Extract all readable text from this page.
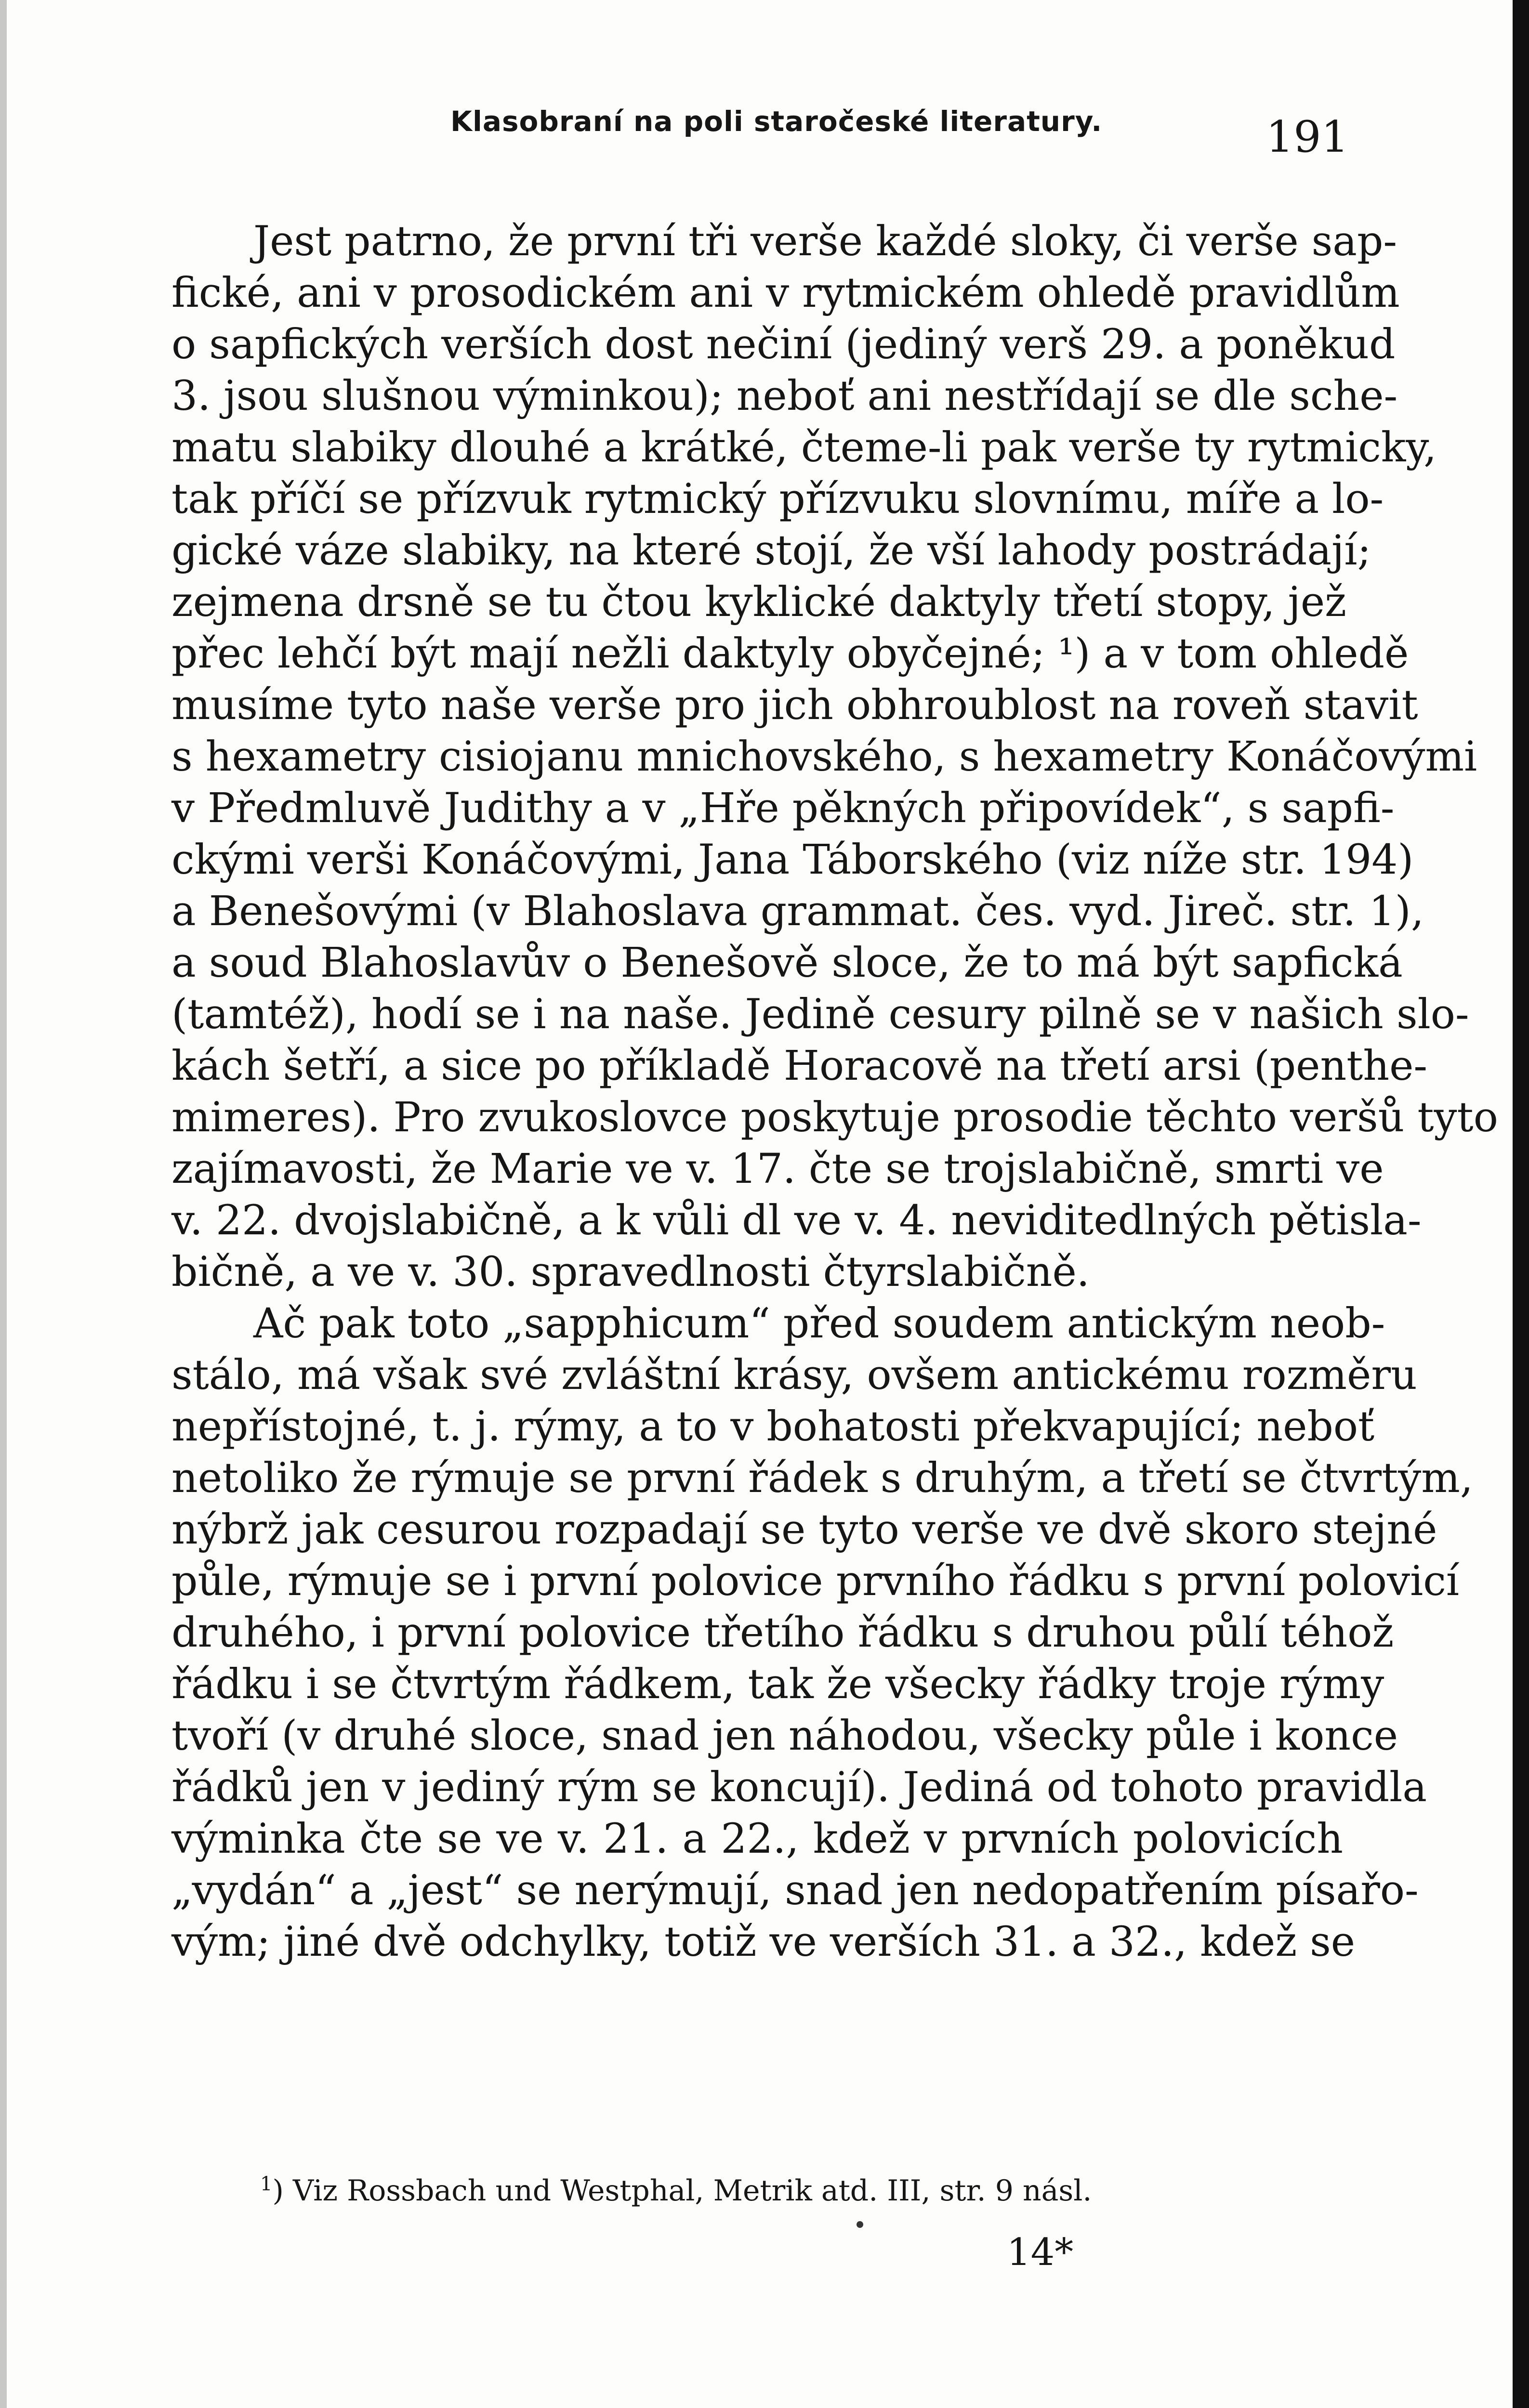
Klasobraní na poli staročeské literatury.	191
Jest patrno, že první tři verše každé sloky, či verše sap-
fické, ani v prosodickém ani v rytmickém ohledě pravidlům
o sapfických verších dost nečiní (jediný verš 29. a poněkud
3. jsou slušnou výminkou); neboť ani nestřídají se dle sche-
matu slabiky dlouhé a krátké, čteme-li pak verše ty rytmicky,
tak příčí se přízvuk rytmický přízvuku slovnímu, míře a lo-
gické váze slabiky, na které stojí, že vší lahody postrádají;
zejmena drsně se tu čtou kyklické daktyly třetí stopy, jež
přec lehčí být mají nežli daktyly obyčejné; ¹) a v tom ohledě
musíme tyto naše verše pro jich obhroublost na roveň stavit
s hexametry cisiojanu mnichovského, s hexametry Konáčovými
v Předmluvě Judithy a v „Hře pěkných připovídek“, s sapfi-
ckými verši Konáčovými, Jana Táborského (viz níže str. 194)
a Benešovými (v Blahoslava grammat. čes. vyd. Jireč. str. 1),
a soud Blahoslavův o Benešově sloce, že to má být sapfická
(tamtéž), hodí se i na naše. Jedině cesury pilně se v našich slo-
kách šetří, a sice po příkladě Horacově na třetí arsi (penthe-
mimeres). Pro zvukoslovce poskytuje prosodie těchto veršů tyto
zajímavosti, že Marie ve v. 17. čte se trojslabičně, smrti ve
v. 22. dvojslabičně, a k vůli dl ve v. 4. neviditedlných pětisla-
bičně, a ve v. 30. spravedlnosti čtyrslabičně.
Ač pak toto „sapphicum“ před soudem antickým neob-
stálo, má však své zvláštní krásy, ovšem antickému rozměru
nepřístojné, t. j. rýmy, a to v bohatosti překvapující; neboť
netoliko že rýmuje se první řádek s druhým, a třetí se čtvrtým,
nýbrž jak cesurou rozpadají se tyto verše ve dvě skoro stejné
půle, rýmuje se i první polovice prvního řádku s první polovicí
druhého, i první polovice třetího řádku s druhou půlí téhož
řádku i se čtvrtým řádkem, tak že všecky řádky troje rýmy
tvoří (v druhé sloce, snad jen náhodou, všecky půle i konce
řádků jen v jediný rým se koncují). Jediná od tohoto pravidla
výminka čte se ve v. 21. a 22., kdež v prvních polovicích
„vydán“ a „jest“ se nerýmují, snad jen nedopatřením písařo-
vým; jiné dvě odchylky, totiž ve verších 31. a 32., kdež se
$^1$) Viz Rossbach und Westphal, Metrik atd. III, str. 9 násl.
14*
